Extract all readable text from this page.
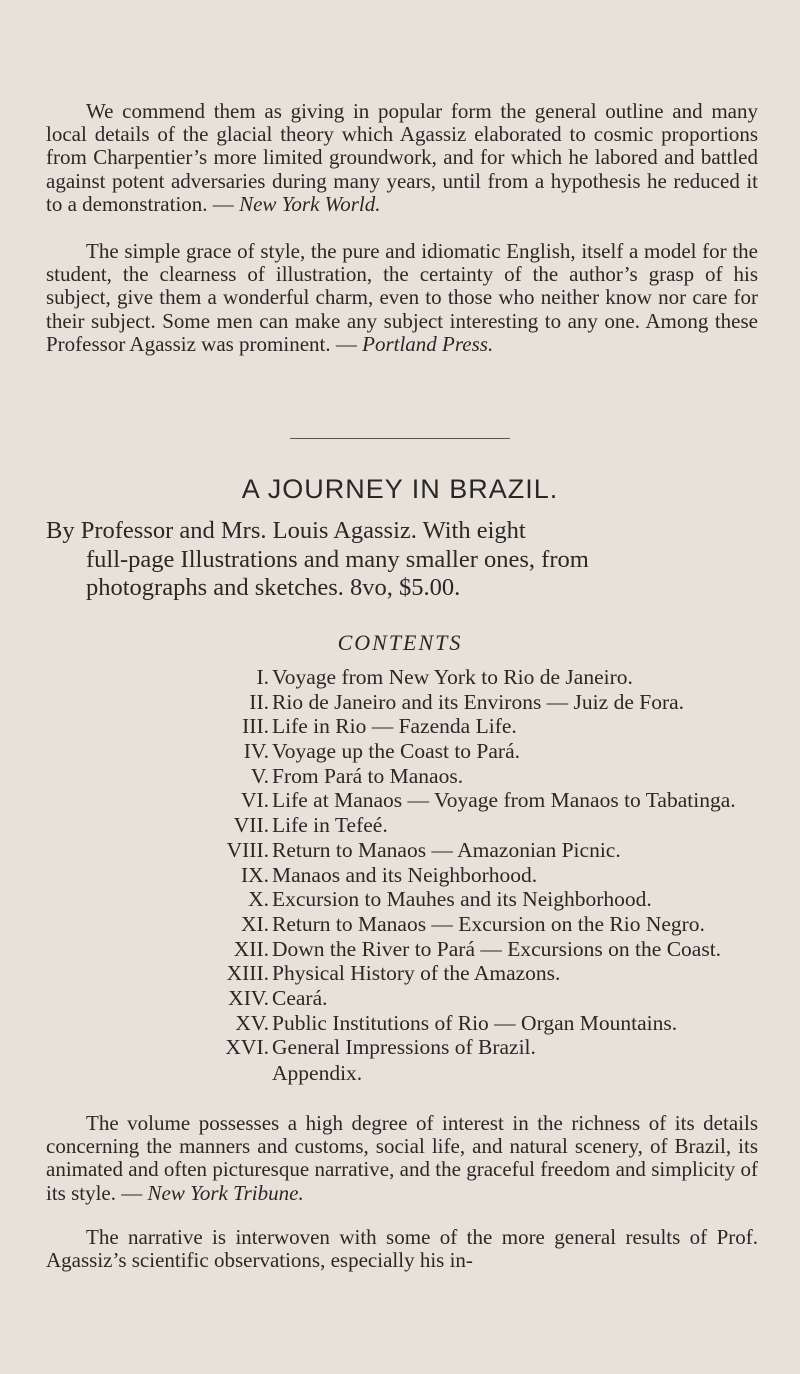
We commend them as giving in popular form the general outline and many local details of the glacial theory which Agassiz elaborated to cosmic proportions from Charpentier’s more limited groundwork, and for which he labored and battled against potent adversaries during many years, until from a hypothesis he reduced it to a demonstration. — New York World.

The simple grace of style, the pure and idiomatic English, itself a model for the student, the clearness of illustration, the certainty of the author’s grasp of his subject, give them a wonderful charm, even to those who neither know nor care for their subject. Some men can make any subject interesting to any one. Among these Professor Agassiz was prominent. — Portland Press.

A JOURNEY IN BRAZIL.

By Professor and Mrs. Louis Agassiz. With eight
full-page Illustrations and many smaller ones, from
photographs and sketches. 8vo, $5.00.

CONTENTS
I. Voyage from New York to Rio de Janeiro.
II. Rio de Janeiro and its Environs — Juiz de Fora.
III. Life in Rio — Fazenda Life.
IV. Voyage up the Coast to Pará.
V. From Pará to Manaos.
VI. Life at Manaos — Voyage from Manaos to Tabatinga.
VII. Life in Tefeé.
VIII. Return to Manaos — Amazonian Picnic.
IX. Manaos and its Neighborhood.
X. Excursion to Mauhes and its Neighborhood.
XI. Return to Manaos — Excursion on the Rio Negro.
XII. Down the River to Pará — Excursions on the Coast.
XIII. Physical History of the Amazons.
XIV. Ceará.
XV. Public Institutions of Rio — Organ Mountains.
XVI. General Impressions of Brazil.
Appendix.

The volume possesses a high degree of interest in the richness of its details concerning the manners and customs, social life, and natural scenery, of Brazil, its animated and often picturesque narrative, and the graceful freedom and simplicity of its style. — New York Tribune.

The narrative is interwoven with some of the more general results of Prof. Agassiz’s scientific observations, especially his in-
